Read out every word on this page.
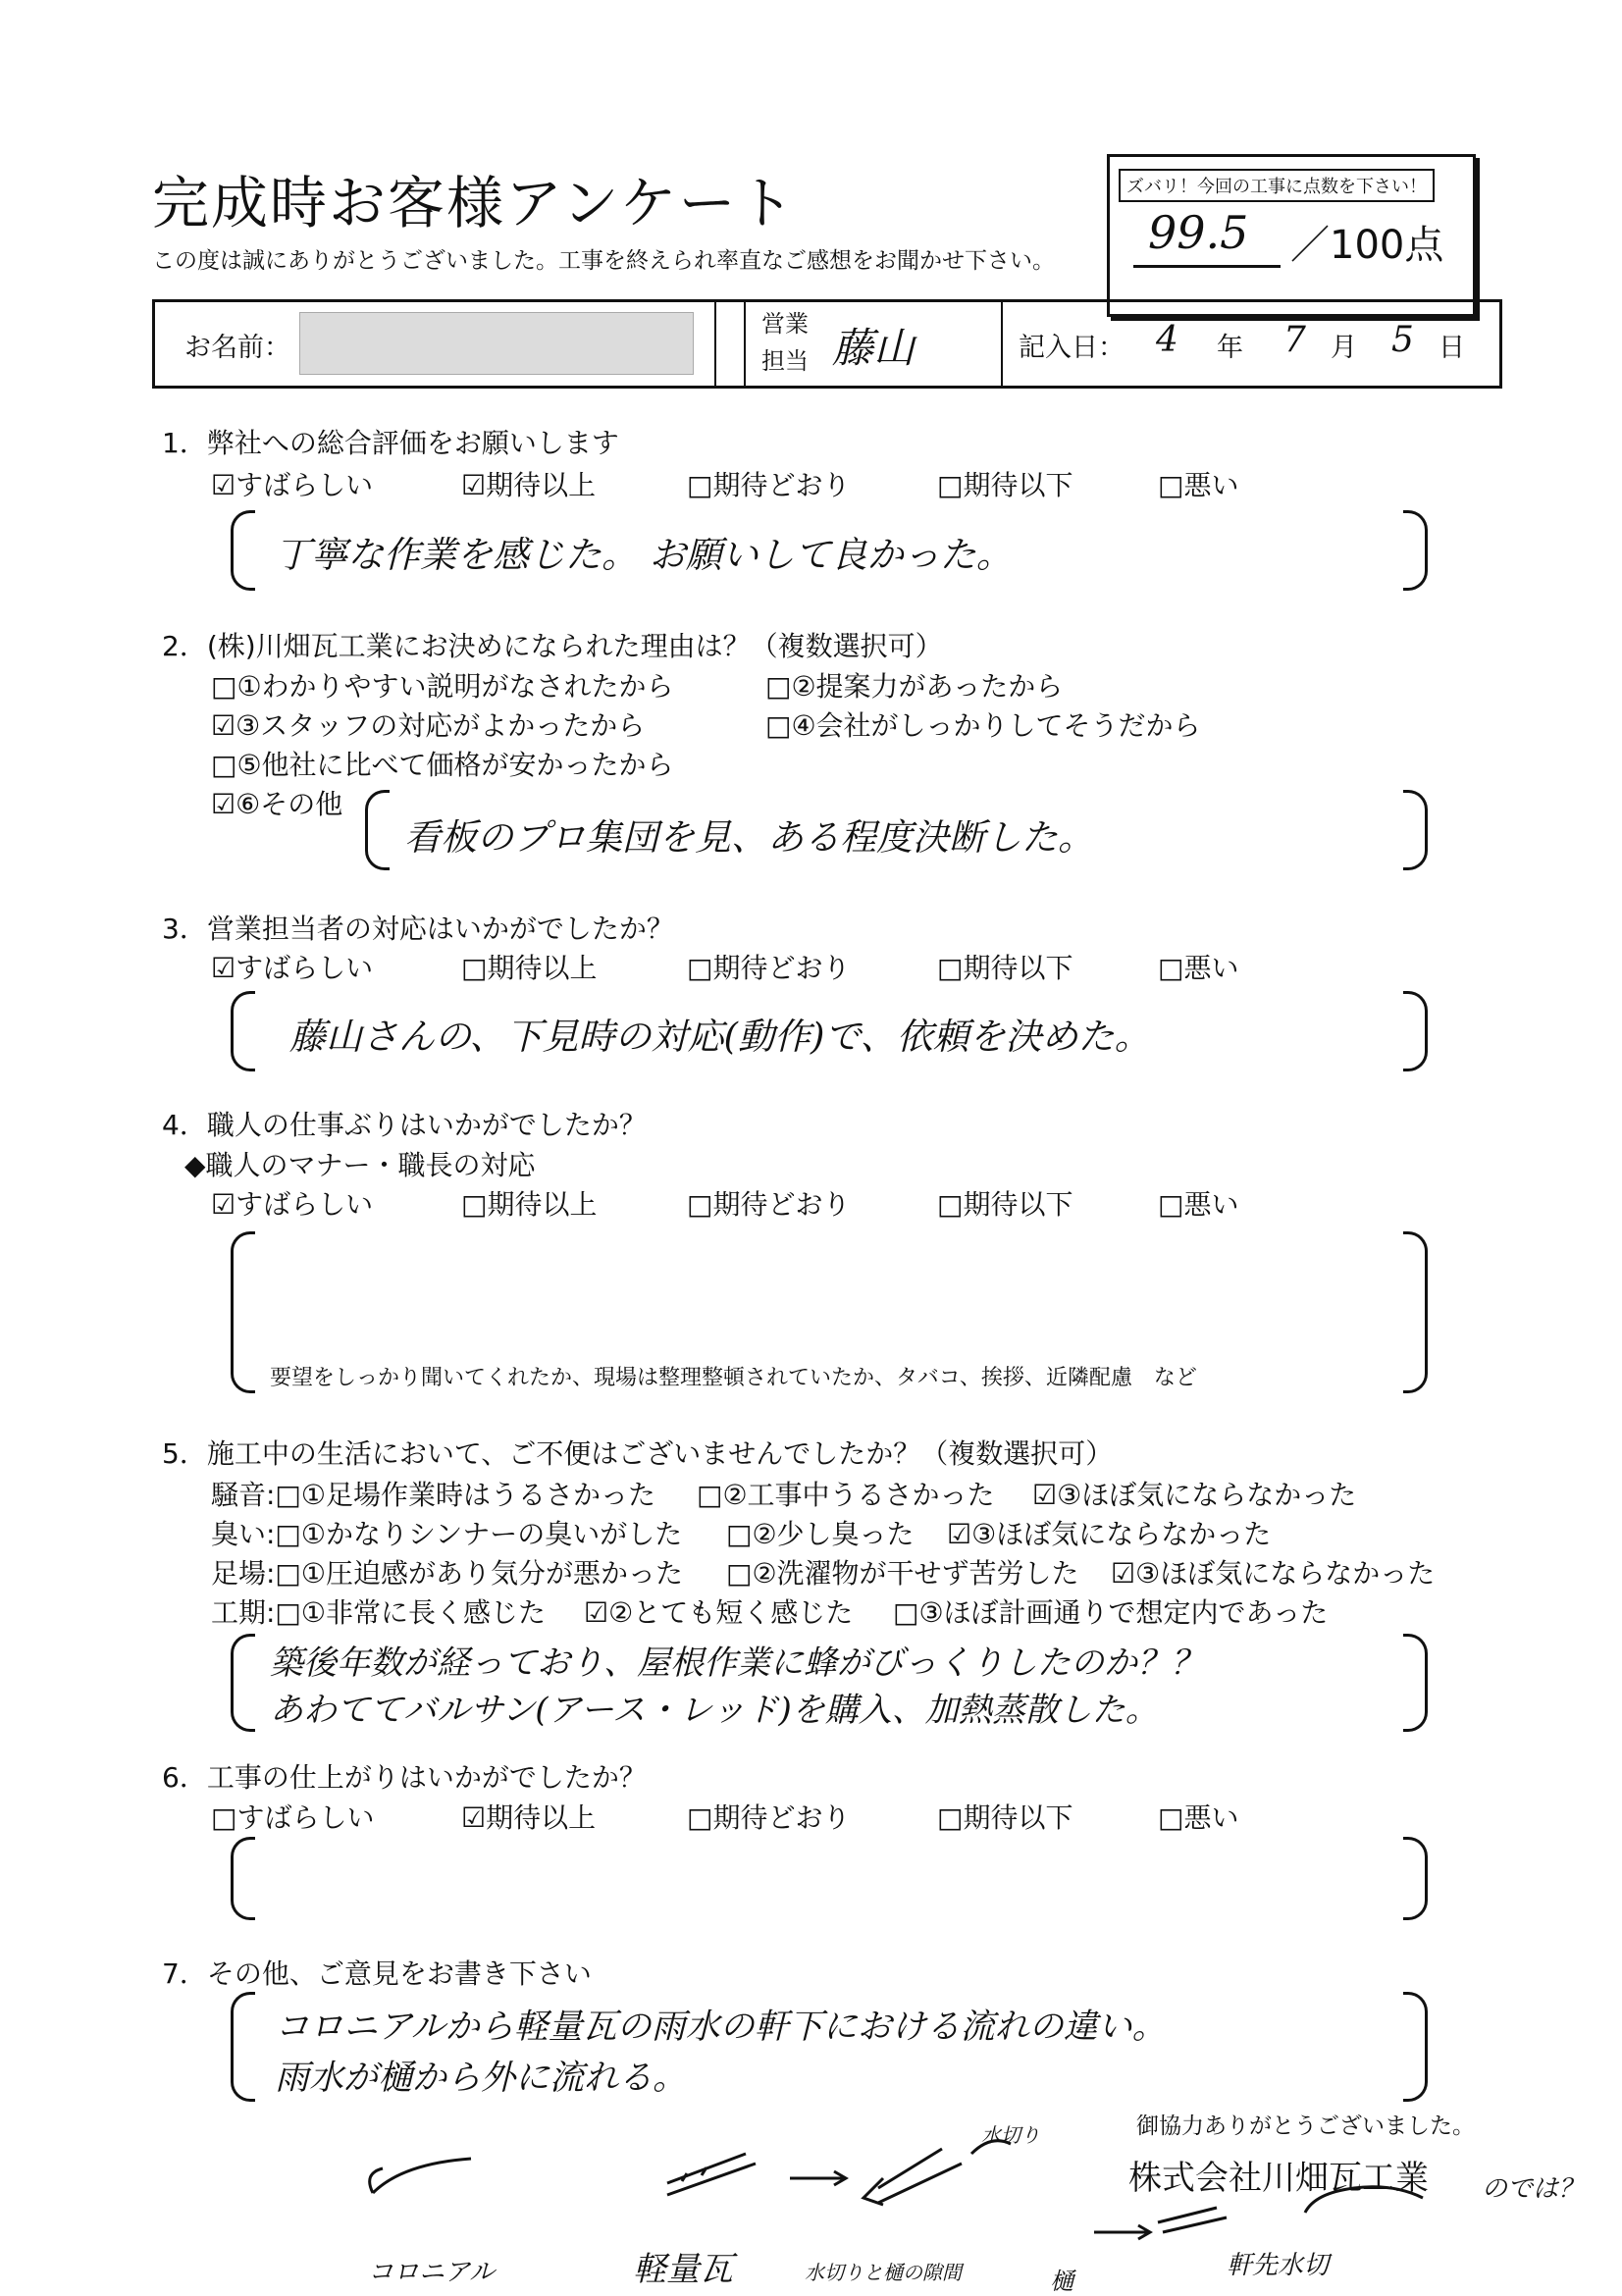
完成時お客様アンケート
この度は誠にありがとうございました。工事を終えられ率直なご感想をお聞かせ下さい。
ズバリ！今回の工事に点数を下さい！
99.5 ／100点
お名前：
営業
担当 藤山	記入日： 4 年 7 月 5 日
1．弊社への総合評価をお願いします
☑すばらしい	☑期待以上	□期待どおり	□期待以下	□悪い
丁寧な作業を感じた。 お願いして良かった。
2．(株)川畑瓦工業にお決めになられた理由は？（複数選択可）
□①わかりやすい説明がなされたから	□②提案力があったから
☑③スタッフの対応がよかったから	□④会社がしっかりしてそうだから
□⑤他社に比べて価格が安かったから
☑⑥その他
看板のプロ集団を見、ある程度決断した。
3．営業担当者の対応はいかがでしたか？
☑すばらしい	□期待以上	□期待どおり	□期待以下	□悪い
藤山さんの、下見時の対応(動作)で、依頼を決めた。
4．職人の仕事ぶりはいかがでしたか？
◆職人のマナー・職長の対応
☑すばらしい	□期待以上	□期待どおり	□期待以下	□悪い
要望をしっかり聞いてくれたか、現場は整理整頓されていたか、タバコ、挨拶、近隣配慮　など
5．施工中の生活において、ご不便はございませんでしたか？（複数選択可）
騒音:□①足場作業時はうるさかった □②工事中うるさかった ☑③ほぼ気にならなかった
臭い:□①かなりシンナーの臭いがした □②少し臭った ☑③ほぼ気にならなかった
足場:□①圧迫感があり気分が悪かった □②洗濯物が干せず苦労した ☑③ほぼ気にならなかった
工期:□①非常に長く感じた ☑②とても短く感じた □③ほぼ計画通りで想定内であった
築後年数が経っており、屋根作業に蜂がびっくりしたのか？？
あわててバルサン(アース・レッド)を購入、加熱蒸散した。
6．工事の仕上がりはいかがでしたか？
□すばらしい	☑期待以上	□期待どおり	□期待以下	□悪い
7．その他、ご意見をお書き下さい
コロニアルから軽量瓦の雨水の軒下における流れの違い。
雨水が樋から外に流れる。
コロニアル	軽量瓦
水切り
水切りと樋の隙間	樋
軒先水切
のでは？
御協力ありがとうございました。
株式会社川畑瓦工業
